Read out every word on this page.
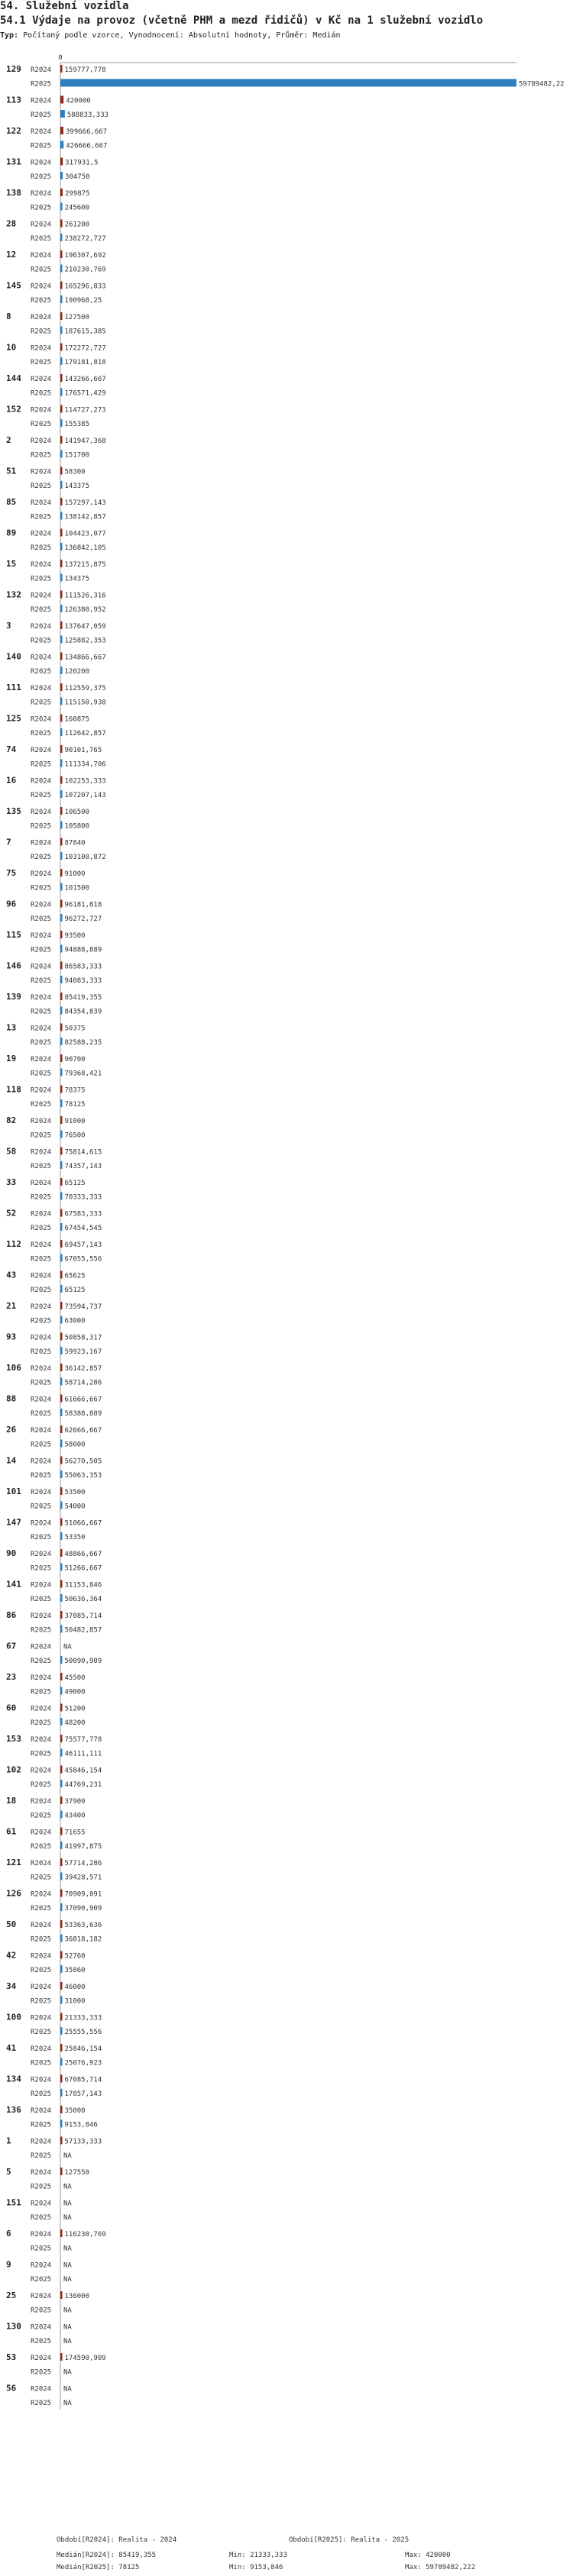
54. Služební vozidla
54.1 Výdaje na provoz (včetně PHM a mezd řidičů) v Kč na 1 služební vozidlo
Typ: Počítaný podle vzorce, Vynodnocení: Absolutní hodnoty, Průměr: Medián
0
129 R2024 159777,778
R2025	59789482,22
113 R2024 420000
R2025 588833,333
122 R2024 399666,667
R2025 426666,667
131 R2024 317931,5
R2025 304750
138 R2024 299875
R2025 245600
28 R2024 261200
R2025 238272,727
12 R2024 196307,692
R2025 210230,769
145 R2024 165296,833
R2025 190968,25
8	R2024 127500
R2025 187615,385
10 R2024 172272,727
R2025 179181,818
144 R2024 143266,667
R2025 176571,429
152 R2024 114727,273
R2025 155385
2	R2024 141947,368
R2025 151700
51 R2024 58300
R2025 143375
85 R2024 157297,143
R2025 138142,857
89 R2024 104423,077
R2025 136842,105
15 R2024 137215,875
R2025 134375
132 R2024 111526,316
R2025 126380,952
3	R2024 137647,059
R2025 125882,353
140 R2024 134866,667
R2025 120200
111 R2024 112559,375
R2025 115150,938
125 R2024 160875
R2025 112642,857
74 R2024 90101,765
R2025 111334,706
16 R2024 102253,333
R2025 107207,143
135 R2024 106500
R2025 105800
7	R2024 87840
R2025 103108,872
75 R2024 91000
R2025 101500
96 R2024 96181,818
R2025 96272,727
115 R2024 93500
R2025 94888,889
146 R2024 86583,333
R2025 94083,333
139 R2024 85419,355
R2025 84354,839
13 R2024 50375
R2025 82588,235
19 R2024 90700
R2025 79368,421
118 R2024 78375
R2025 78125
82 R2024 91000
R2025 76500
58 R2024 75814,615
R2025 74357,143
33 R2024 65125
R2025 70333,333
52 R2024 67583,333
R2025 67454,545
112 R2024 69457,143
R2025 67055,556
43 R2024 65625
R2025 65125
21 R2024 73594,737
R2025 63000
93 R2024 50858,317
R2025 59923,167
106 R2024 36142,857
R2025 58714,286
88 R2024 61666,667
R2025 58388,889
26 R2024 62666,667
R2025 58000
14 R2024 56270,505
R2025 55063,353
101 R2024 53500
R2025 54000
147 R2024 51066,667
R2025 53350
90 R2024 48866,667
R2025 51266,667
141 R2024 31153,846
R2025 50636,364
86 R2024 37085,714
R2025 50482,857
67 R2024 NA
R2025 50090,909
23 R2024 45500
R2025 49000
60 R2024 51200
R2025 48200
153 R2024 75577,778
R2025 46111,111
102 R2024 45846,154
R2025 44769,231
18 R2024 37900
R2025 43400
61 R2024 71655
R2025 41997,875
121 R2024 57714,286
R2025 39428,571
126 R2024 70909,091
R2025 37090,909
50 R2024 53363,636
R2025 36818,182
42 R2024 52760
R2025 35860
34 R2024 46000
R2025 31000
100 R2024 21333,333
R2025 25555,556
41 R2024 25846,154
R2025 25076,923
134 R2024 67085,714
R2025 17857,143
136 R2024 35000
R2025 9153,846
1	R2024 57133,333
R2025 NA
5	R2024 127550
R2025 NA
151 R2024 NA
R2025 NA
6	R2024 116230,769
R2025 NA
9	R2024 NA
R2025 NA
25 R2024 136000
R2025 NA
130 R2024 NA
R2025 NA
53 R2024 174590,909
R2025 NA
56 R2024 NA
R2025 NA
Období[R2024]: Realita - 2024	Období[R2025]: Realita - 2025
Medián[R2024]: 85419,355	Min: 21333,333	Max: 420000
Medián[R2025]: 78125	Min: 9153,846	Max: 59789482,222
